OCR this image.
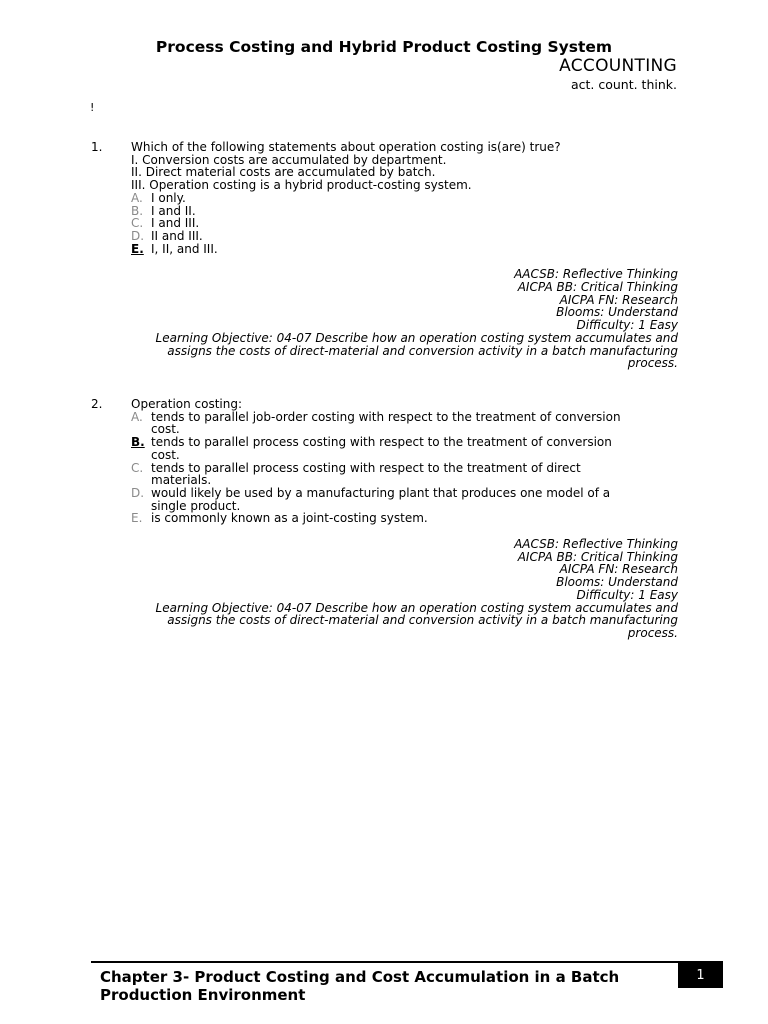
Process Costing and Hybrid Product Costing System
ACCOUNTING
act. count. think.
!
1.	Which of the following statements about operation costing is(are) true?
I. Conversion costs are accumulated by department.
II. Direct material costs are accumulated by batch.
III. Operation costing is a hybrid product-costing system.
A. I only.
B. I and II.
C. I and III.
D. II and III.
E. I, II, and III.
AACSB: Reflective Thinking
AICPA BB: Critical Thinking
AICPA FN: Research
Blooms: Understand
Difficulty: 1 Easy
Learning Objective: 04-07 Describe how an operation costing system accumulates and assigns the costs of direct-material and conversion activity in a batch manufacturing process.
2.	Operation costing:
A. tends to parallel job-order costing with respect to the treatment of conversion cost.
B. tends to parallel process costing with respect to the treatment of conversion cost.
C. tends to parallel process costing with respect to the treatment of direct materials.
D. would likely be used by a manufacturing plant that produces one model of a single product.
E. is commonly known as a joint-costing system.
AACSB: Reflective Thinking
AICPA BB: Critical Thinking
AICPA FN: Research
Blooms: Understand
Difficulty: 1 Easy
Learning Objective: 04-07 Describe how an operation costing system accumulates and assigns the costs of direct-material and conversion activity in a batch manufacturing process.
Chapter 3- Product Costing and Cost Accumulation in a Batch Production Environment
1
